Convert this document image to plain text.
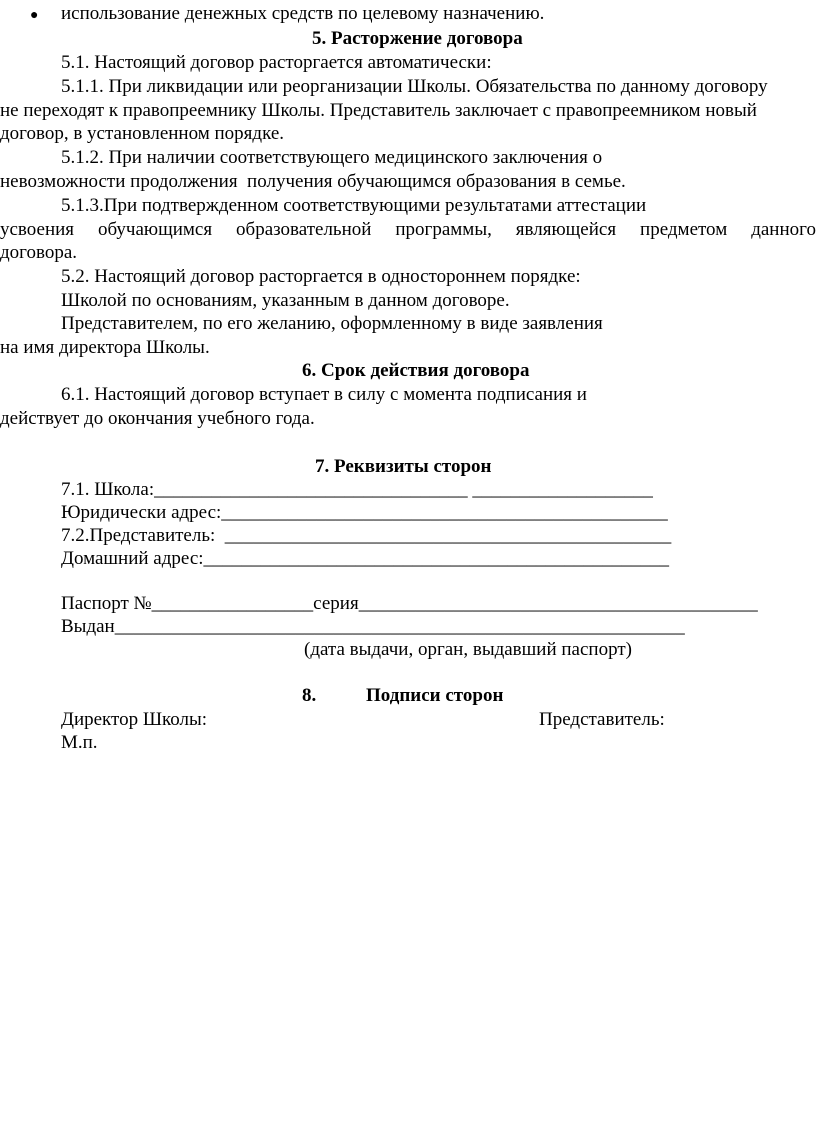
●

использование денежных средств по целевому назначению.

5. Расторжение договора
5.1. Настоящий договор расторгается автоматически:
5.1.1. При ликвидации или реорганизации Школы. Обязательства по данному договору
не переходят к правопреемнику Школы. Представитель заключает с правопреемником новый
договор, в установленном порядке.
5.1.2. При наличии соответствующего медицинского заключения о
невозможности продолжения  получения обучающимся образования в семье.
5.1.3.При подтвержденном соответствующими результатами аттестации
усвоения обучающимся образовательной программы, являющейся предметом данного
договора.
5.2. Настоящий договор расторгается в одностороннем порядке:
Школой по основаниям, указанным в данном договоре.
Представителем, по его желанию, оформленному в виде заявления
на имя директора Школы.
6. Срок действия договора
6.1. Настоящий договор вступает в силу с момента подписания и
действует до окончания учебного года.
7. Реквизиты сторон
7.1. Школа:_________________________________ ___________________
Юридически адрес:_______________________________________________
7.2.Представитель:  _______________________________________________
Домашний адрес:_________________________________________________
Паспорт №_________________серия__________________________________________
Выдан____________________________________________________________
(дата выдачи, орган, выдавший паспорт)
8.	Подписи сторон
Директор Школы:	Представитель:
М.п.
